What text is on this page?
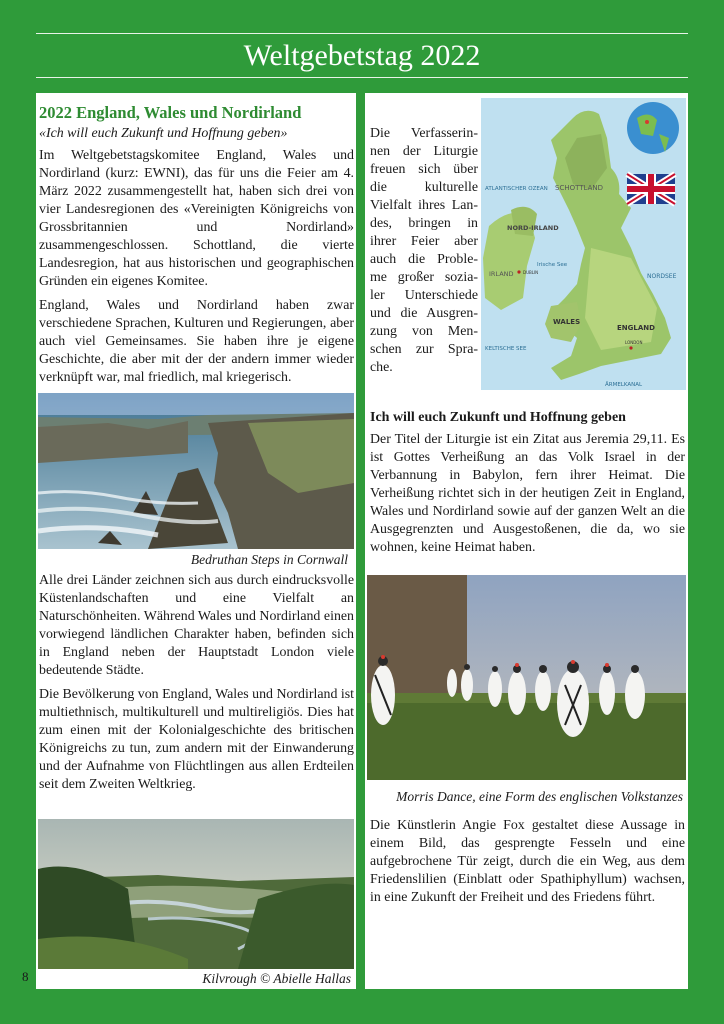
Weltgebetstag 2022
2022 England, Wales und Nordirland
«Ich will euch Zukunft und Hoffnung geben»

Im Weltgebetstagskomitee England, Wales und Nordirland (kurz: EWNI), das für uns die Feier am 4. März 2022 zusammengestellt hat, haben sich drei von vier Landesregionen des «Vereinigten Königreichs von Grossbritannien und Nordirland» zusammengeschlossen. Schottland, die vierte Landesregion, hat aus historischen und geographischen Gründen ein eigenes Komitee.

England, Wales und Nordirland haben zwar verschiedene Sprachen, Kulturen und Regierungen, aber auch viel Gemeinsames. Sie haben ihre je eigene Geschichte, die aber mit der der andern immer wieder verknüpft war, mal friedlich, mal kriegerisch.

Bedruthan Steps in Cornwall

Alle drei Länder zeichnen sich aus durch eindrucksvolle Küstenlandschaften und eine Vielfalt an Naturschönheiten. Während Wales und Nordirland einen vorwiegend ländlichen Charakter haben, befinden sich in England neben der Hauptstadt London viele bedeutende Städte.

Die Bevölkerung von England, Wales und Nordirland ist multiethnisch, multikulturell und multireligiös. Dies hat zum einen mit der Kolonialgeschichte des britischen Königreichs zu tun, zum andern mit der Einwanderung und der Aufnahme von Flüchtlingen aus allen Erdteilen seit dem Zweiten Weltkrieg.

Kilvrough © Abielle Hallas
Die Verfasserin-
nen der Liturgie
freuen sich über
die kulturelle
Vielfalt ihres Lan-
des, bringen in
ihrer Feier aber
auch die Proble-
me großer sozia-
ler Unterschiede
und die Ausgren-
zung von Men-
schen zur Spra-
che.
ATLANTISCHER OZEAN SCHOTTLAND
NORD-IRLAND
IRLAND
Irische See
NORDSEE
WALES
ENGLAND
KELTISCHE SEE
ÄRMELKANAL
DUBLIN
LONDON
Ich will euch Zukunft und Hoffnung geben

Der Titel der Liturgie ist ein Zitat aus Jeremia 29,11. Es ist Gottes Verheißung an das Volk Israel in der Verbannung in Babylon, fern ihrer Heimat. Die Verheißung richtet sich in der heutigen Zeit in England, Wales und Nordirland sowie auf der ganzen Welt an die Ausgegrenzten und Ausgestoßenen, die da, wo sie wohnen, keine Heimat haben.

Morris Dance, eine Form des englischen Volkstanzes

Die Künstlerin Angie Fox gestaltet diese Aussage in einem Bild, das gesprengte Fesseln und eine aufgebrochene Tür zeigt, durch die ein Weg, aus dem Friedenslilien (Einblatt oder Spathiphyllum) wachsen, in eine Zukunft der Freiheit und des Friedens führt.

8
